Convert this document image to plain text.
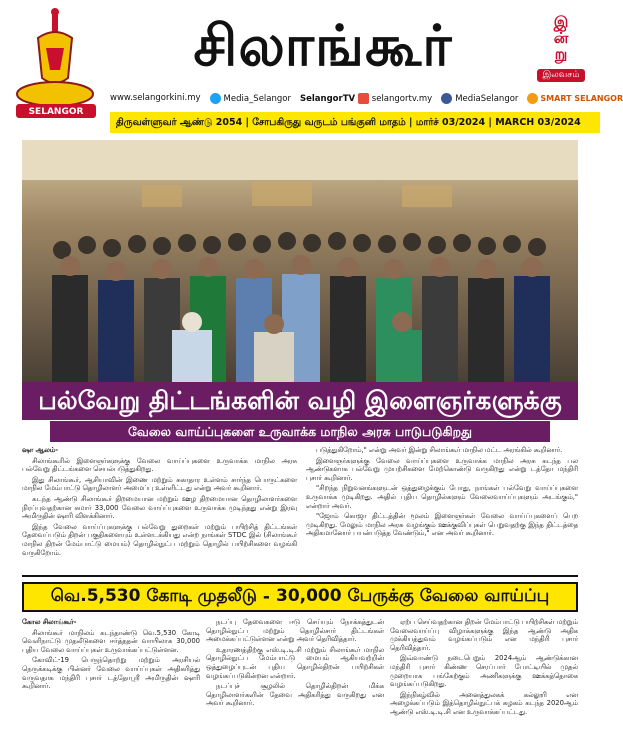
SELANGOR
சிலாங்கூர்	இ
ன்
று
இலவசம்
www.selangorkini.my	Media_Selangor SelangorTV selangortv.my	MediaSelangor	SMART SELANGOR
திருவள்ளுவர் ஆண்டு 2054 | சோபகிருது வருடம் பங்குனி மாதம் | மார்ச் 03/2024 | MARCH 03/2024
பல்வேறு திட்டங்களின் வழி இளைஞர்களுக்கு
வேலை வாய்ப்புகளை உருவாக்க மாநில அரசு பாடுபடுகிறது

ஷா ஆலம்-

சிலாங்கூரில் இளைஞர்களுக்கு வேலை வாய்ப்புகளை உருவாக்க மாநில அரசு பல்வேறு திட்டங்களை செயல்படுத்துகிறது.

இது சிலாங்கூர், ஆசியாவின் இணை மற்றும் சுகாதார உள்ளம் சார்ந்த பொருட்களை மாநில மேம்பாட்டு தொழிலாளர் அமைப்பு உள்ளிட்டது என்று அவர் கூறினார்.

கடந்த ஆண்டு சிலாங்கூர் திறமையான மற்றும் ஊழ திறமையான தொழிலாளர்களை நிரப்புவதற்கான சுமார் 33,000 வேலை வாய்ப்புகளை உருவாக்க முடிந்தது என்று இரவு அமிருதின் ஷாரி விளக்கினார்.

இந்த வேலை வாய்ப்புகளுக்கு பல்வேறு துறைகள் மற்றும் பயிற்சித் திட்டங்கள் தேவைப்படும் திறன் பகுதிகளையும் உள்ளடக்கியது என்ற நாங்கள் STDC இல் (சிலாங்கூர் மாநில திறன் மேம்பாட்டு மையம்) தொழில்நுட்ப மற்றும் தொழில் பயிற்சிகளை வழங்கி வருகிறோம்.

படுத்துகிறோம்," என்று அவர் இன்று சிலாங்கூர் மாநில மட்ட அரங்கில் கூறினார்.

இளைஞர்களுக்கு வேலை வாய்ப்புகளை உருவாக்க மாநில அரசு கடந்த பல ஆண்டுகளாக பல்வேறு முயற்சிகளை மேற்கொண்டு வருகிறது என்று டத்தோ மந்திரி புசார் கூறினார்.

"சிறந்த நிறுவனங்களுடன் ஒத்துழைக்கும் போது, நாங்கள் பல்வேறு வாய்ப்புகளை உருவாக்க முடிகிறது. அதில் புதிய தொழில்களும் வேலைவாய்ப்புகளும் அடங்கும்," என்றார் அவர்.

"ஜோம் கொஜா திட்டத்தின் மூலம் இளைஞர்கள் வேலை வாய்ப்புகளைப் பெற முடிகிறது. மேலும் மாநில அரசு வழங்கும் ஊக்குவிப்புகள் பெறுவதற்கு இந்த திட்டத்தை அதிகமானோர் பயன்படுத்த வேண்டும்," என அவர் கூறினார்.

வெ.5,530 கோடி முதலீடு - 30,000 பேருக்கு வேலை வாய்ப்பு

கோல சிலாங்கூர்-

சிலாங்கூர் மாநிலம் கடந்தாண்டு வெ.5,530 கோடி வெளிநாட்டு முதலீடுகளை ஈர்த்ததன் வாயிலாக 30,000 புதிய வேலை வாய்ப்புகள் உருவாக்கப்பட்டுள்ளன.

கோவிட்-19 பெருந்தொற்று மற்றும் அரசியல் நெருக்கடிக்கு பின்னர் வேலை வாய்ப்புகள் அதிகரித்து வருவதாக மந்திரி புசார் டத்தோஸ்ரீ அமிருதின் ஷாரி கூறினார்.

நடப்பு தேவைகளை ஈடு செய்யும் நோக்கத்துடன் தொழில்நுட்ப மற்றும் தொழில்சார் திட்டங்கள் அமைக்கப்பட்டுள்ளன என்று அவர் தெரிவித்தார்.

உதாரணத்திற்கு எஸ்.டி.டி.சி மற்றும் சிலாங்கூர் மாநில தொழில்நுட்ப மேம்பாட்டு மையம் ஆகியவற்றின் ஒத்துழைப்புடன் புதிய தொழில்திறன் பயிற்சிகள் வழங்கப்படுகின்றன என்றார்.

நடப்புச் சூழலில் தொழில்திறன் மிக்க தொழிலாளர்களின் தேவை அதிகரித்து வருகிறது என அவர் கூறினார்.

ஏற்ப செய்வதற்கான திறன் மேம்பாட்டு பயிற்சிகள் மற்றும் வேலைவாய்ப்பு விழாக்களுக்கு இந்த ஆண்டு அதிக முக்கியத்துவம் வழங்கப்படும் என மந்திரி புசார் தெரிவித்தார்.

இவ்வாண்டு நடைபெறும் 2024ஆம் ஆண்டுக்கான மந்திரி புசார் கிண்ண செரப்பார் போட்டியில் முதல் முறையாக பங்கேற்கும் அணிகளுக்கு ஊக்கத்தொகை வழங்கப்படுகிறது.

இந்நிகழ்வில் அனைத்துலகக் கல்லூரி என அழைக்கப்படும் இத்தொழில்நுட்பக் கழகம் கடந்த 2020ஆம் ஆண்டு எஸ்.டி.டி.சி என உருவாக்கப்பட்டது.
